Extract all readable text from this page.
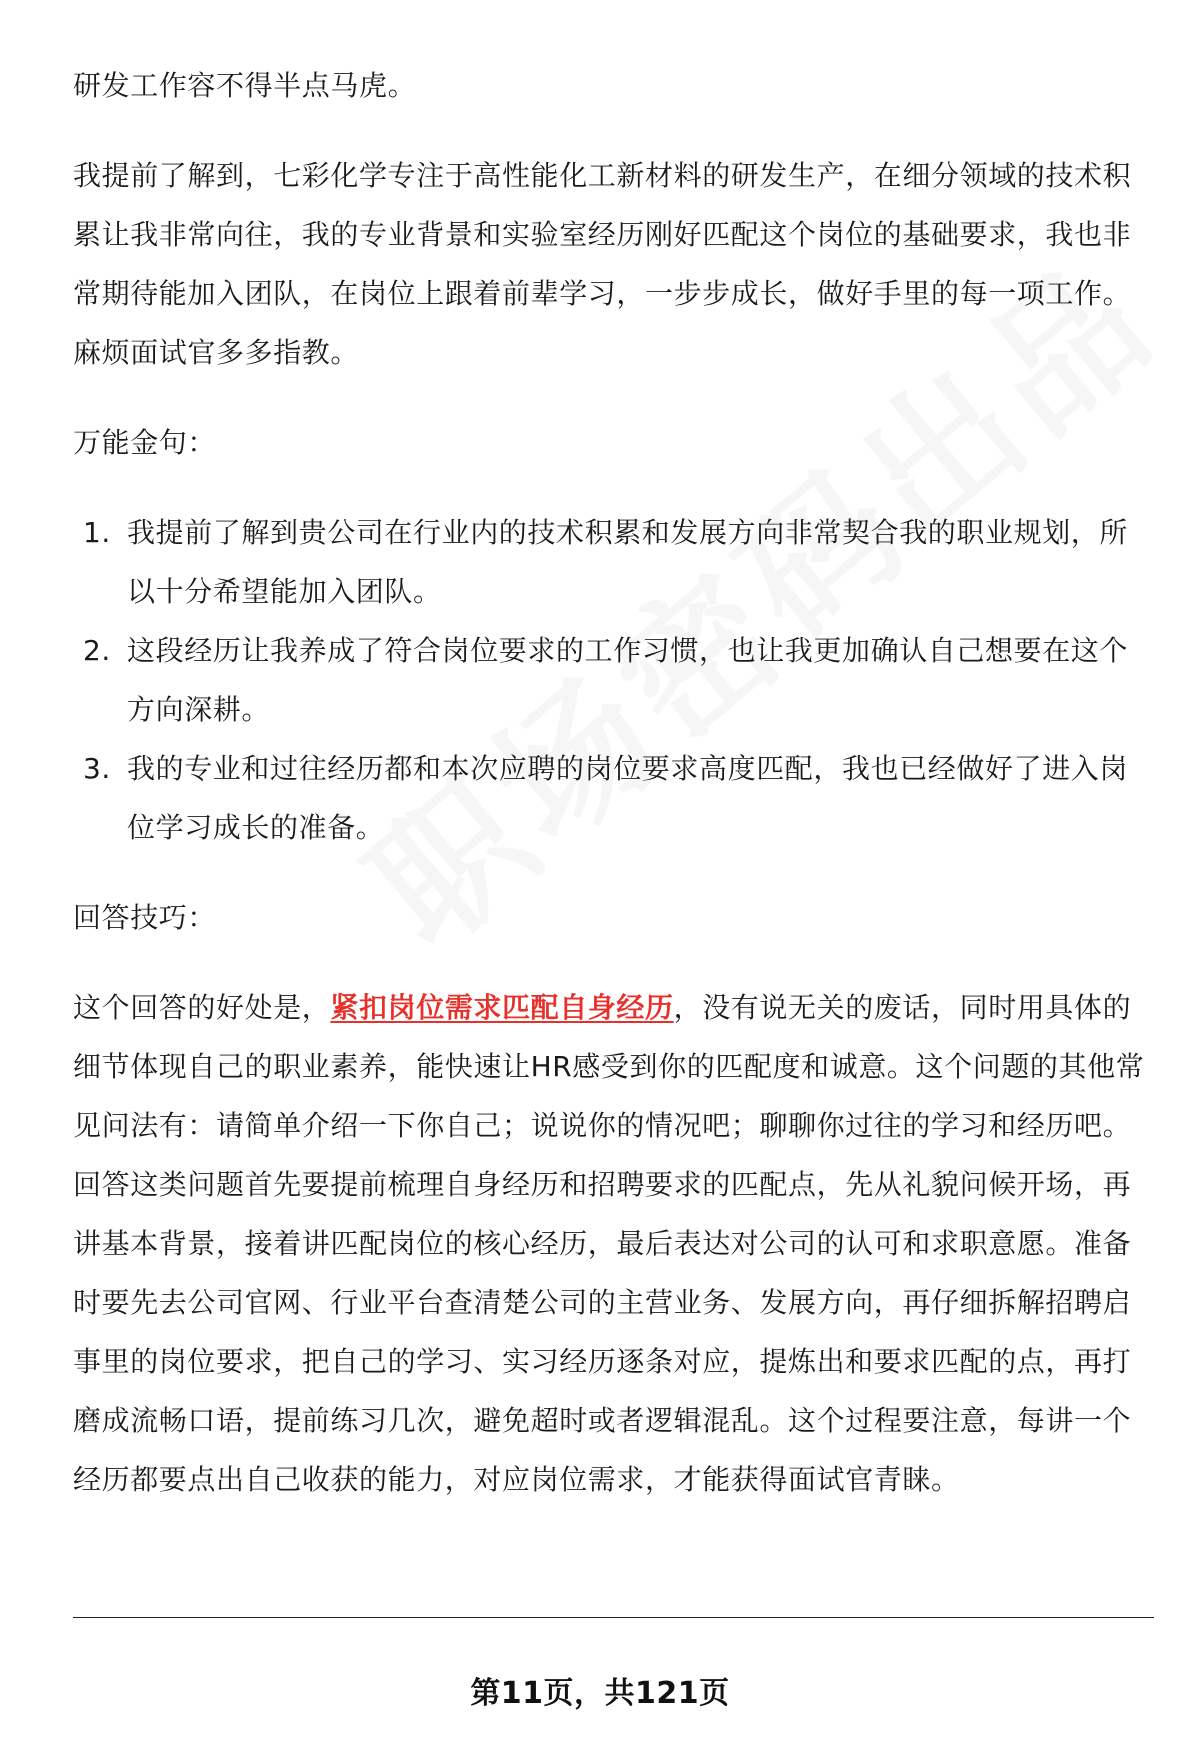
研发工作容不得半点马虎。

我提前了解到，七彩化学专注于高性能化工新材料的研发生产，在细分领域的技术积累让我非常向往，我的专业背景和实验室经历刚好匹配这个岗位的基础要求，我也非常期待能加入团队，在岗位上跟着前辈学习，一步步成长，做好手里的每一项工作。麻烦面试官多多指教。

万能金句：

1. 我提前了解到贵公司在行业内的技术积累和发展方向非常契合我的职业规划，所以十分希望能加入团队。
2. 这段经历让我养成了符合岗位要求的工作习惯，也让我更加确认自己想要在这个方向深耕。
3. 我的专业和过往经历都和本次应聘的岗位要求高度匹配，我也已经做好了进入岗位学习成长的准备。

回答技巧：

这个回答的好处是，紧扣岗位需求匹配自身经历，没有说无关的废话，同时用具体的细节体现自己的职业素养，能快速让HR感受到你的匹配度和诚意。这个问题的其他常见问法有：请简单介绍一下你自己；说说你的情况吧；聊聊你过往的学习和经历吧。回答这类问题首先要提前梳理自身经历和招聘要求的匹配点，先从礼貌问候开场，再讲基本背景，接着讲匹配岗位的核心经历，最后表达对公司的认可和求职意愿。准备时要先去公司官网、行业平台查清楚公司的主营业务、发展方向，再仔细拆解招聘启事里的岗位要求，把自己的学习、实习经历逐条对应，提炼出和要求匹配的点，再打磨成流畅口语，提前练习几次，避免超时或者逻辑混乱。这个过程要注意，每讲一个经历都要点出自己收获的能力，对应岗位需求，才能获得面试官青睐。

第11页，共121页
